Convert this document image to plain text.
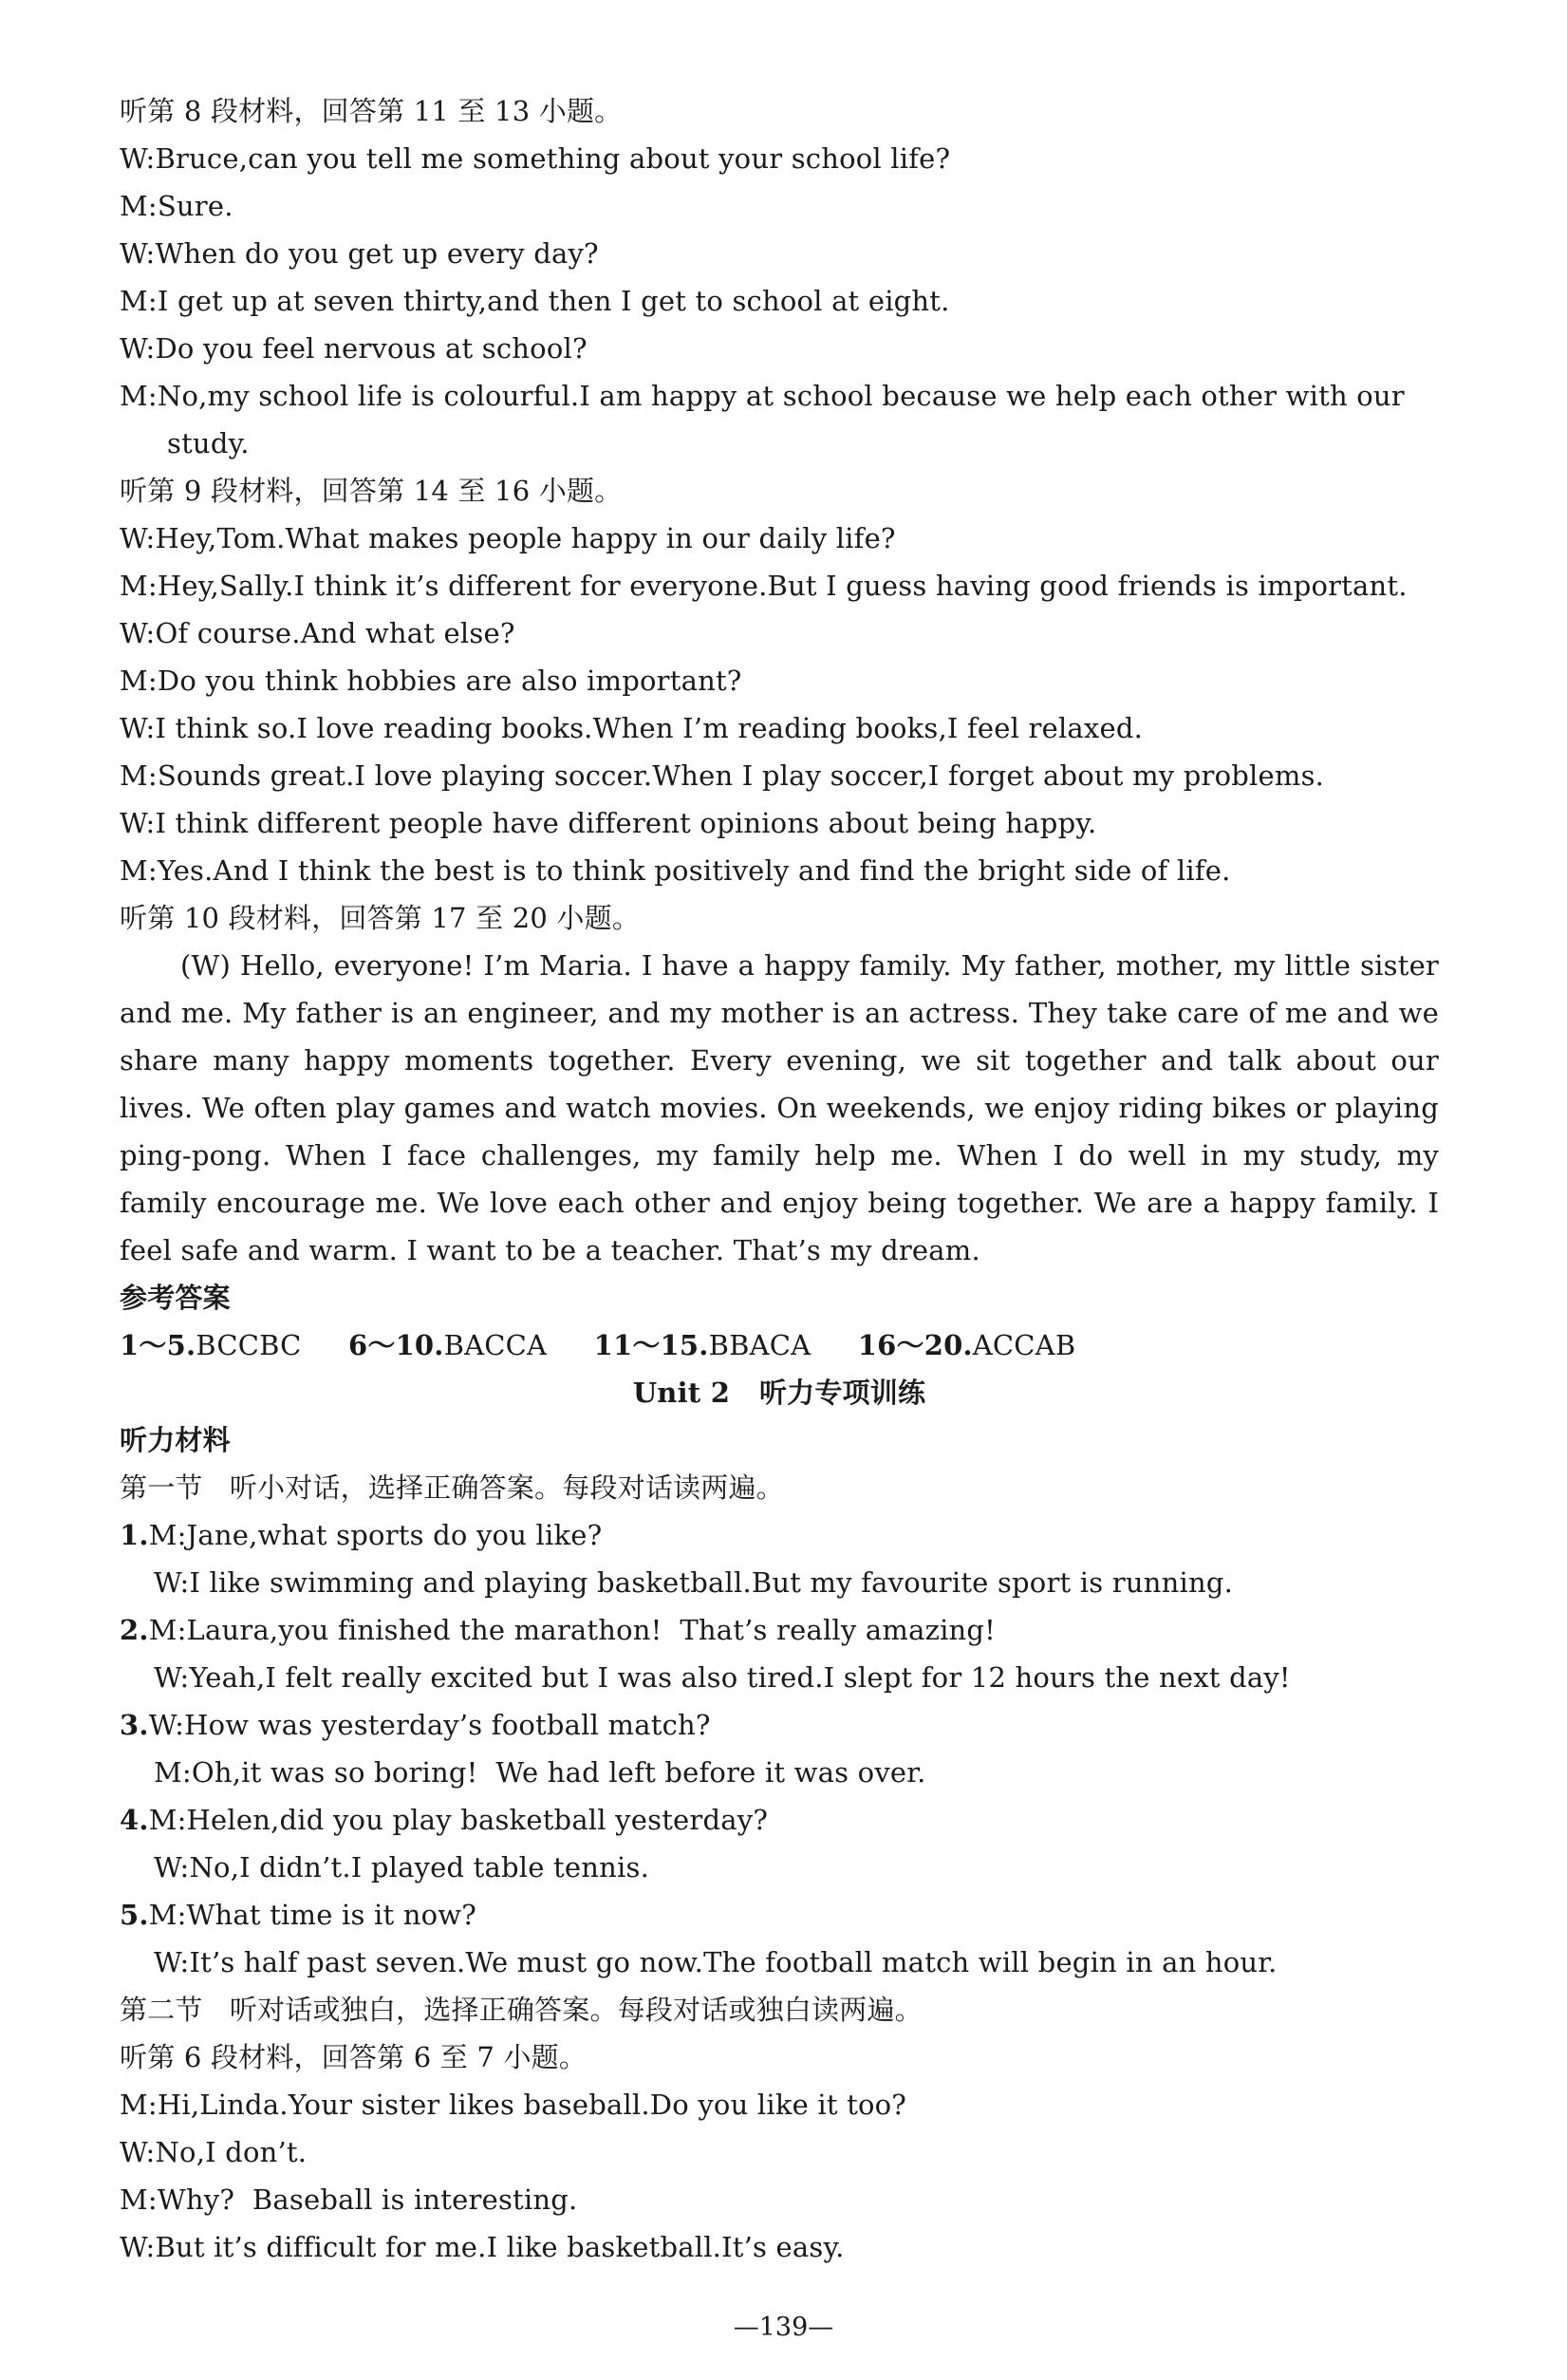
听第 8 段材料，回答第 11 至 13 小题。
W:Bruce,can you tell me something about your school life?
M:Sure.
W:When do you get up every day?
M:I get up at seven thirty,and then I get to school at eight.
W:Do you feel nervous at school?
M:No,my school life is colourful.I am happy at school because we help each other with our
study.
听第 9 段材料，回答第 14 至 16 小题。
W:Hey,Tom.What makes people happy in our daily life?
M:Hey,Sally.I think it’s different for everyone.But I guess having good friends is important.
W:Of course.And what else?
M:Do you think hobbies are also important?
W:I think so.I love reading books.When I’m reading books,I feel relaxed.
M:Sounds great.I love playing soccer.When I play soccer,I forget about my problems.
W:I think different people have different opinions about being happy.
M:Yes.And I think the best is to think positively and find the bright side of life.
听第 10 段材料，回答第 17 至 20 小题。
(W) Hello, everyone! I’m Maria. I have a happy family. My father, mother, my little sister and me. My father is an engineer, and my mother is an actress. They take care of me and we share many happy moments together. Every evening, we sit together and talk about our lives. We often play games and watch movies. On weekends, we enjoy riding bikes or playing ping-pong. When I face challenges, my family help me. When I do well in my study, my family encourage me. We love each other and enjoy being together. We are a happy family. I feel safe and warm. I want to be a teacher. That’s my dream.
参考答案
1～5.BCCBC 6～10.BACCA 11～15.BBACA 16～20.ACCAB
Unit 2   听力专项训练
听力材料
第一节   听小对话，选择正确答案。每段对话读两遍。
1.M:Jane,what sports do you like?
W:I like swimming and playing basketball.But my favourite sport is running.
2.M:Laura,you finished the marathon!  That’s really amazing!
W:Yeah,I felt really excited but I was also tired.I slept for 12 hours the next day!
3.W:How was yesterday’s football match?
M:Oh,it was so boring!  We had left before it was over.
4.M:Helen,did you play basketball yesterday?
W:No,I didn’t.I played table tennis.
5.M:What time is it now?
W:It’s half past seven.We must go now.The football match will begin in an hour.
第二节   听对话或独白，选择正确答案。每段对话或独白读两遍。
听第 6 段材料，回答第 6 至 7 小题。
M:Hi,Linda.Your sister likes baseball.Do you like it too?
W:No,I don’t.
M:Why?  Baseball is interesting.
W:But it’s difficult for me.I like basketball.It’s easy.
—139—
